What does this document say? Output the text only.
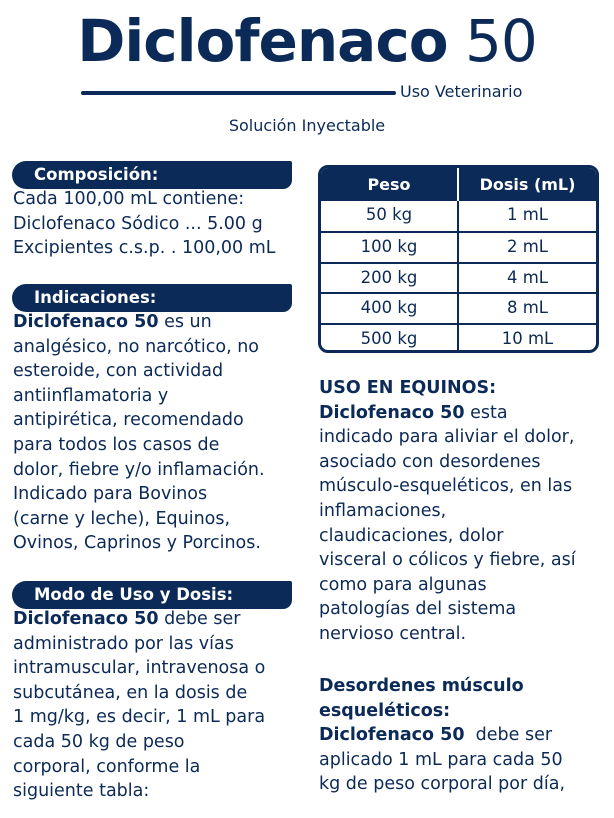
Diclofenaco 50
Uso Veterinario
Solución Inyectable
Composición:
Cada 100,00 mL contiene:
Diclofenaco Sódico ... 5.00 g
Excipientes c.s.p. . 100,00 mL
Indicaciones:
Diclofenaco 50 es un
analgésico, no narcótico, no
esteroide, con actividad
antiinflamatoria y
antipirética, recomendado
para todos los casos de
dolor, fiebre y/o inflamación.
Indicado para Bovinos
(carne y leche), Equinos,
Ovinos, Caprinos y Porcinos.
Modo de Uso y Dosis:
Diclofenaco 50 debe ser
administrado por las vías
intramuscular, intravenosa o
subcutánea, en la dosis de
1 mg/kg, es decir, 1 mL para
cada 50 kg de peso
corporal, conforme la
siguiente tabla:
Peso	Dosis (mL)
50 kg	1 mL
100 kg	2 mL
200 kg	4 mL
400 kg	8 mL
500 kg	10 mL
USO EN EQUINOS:
Diclofenaco 50 esta
indicado para aliviar el dolor,
asociado con desordenes
músculo-esqueléticos, en las
inflamaciones,
claudicaciones, dolor
visceral o cólicos y fiebre, así
como para algunas
patologías del sistema
nervioso central.
Desordenes músculo
esqueléticos:
Diclofenaco 50  debe ser
aplicado 1 mL para cada 50
kg de peso corporal por día,
